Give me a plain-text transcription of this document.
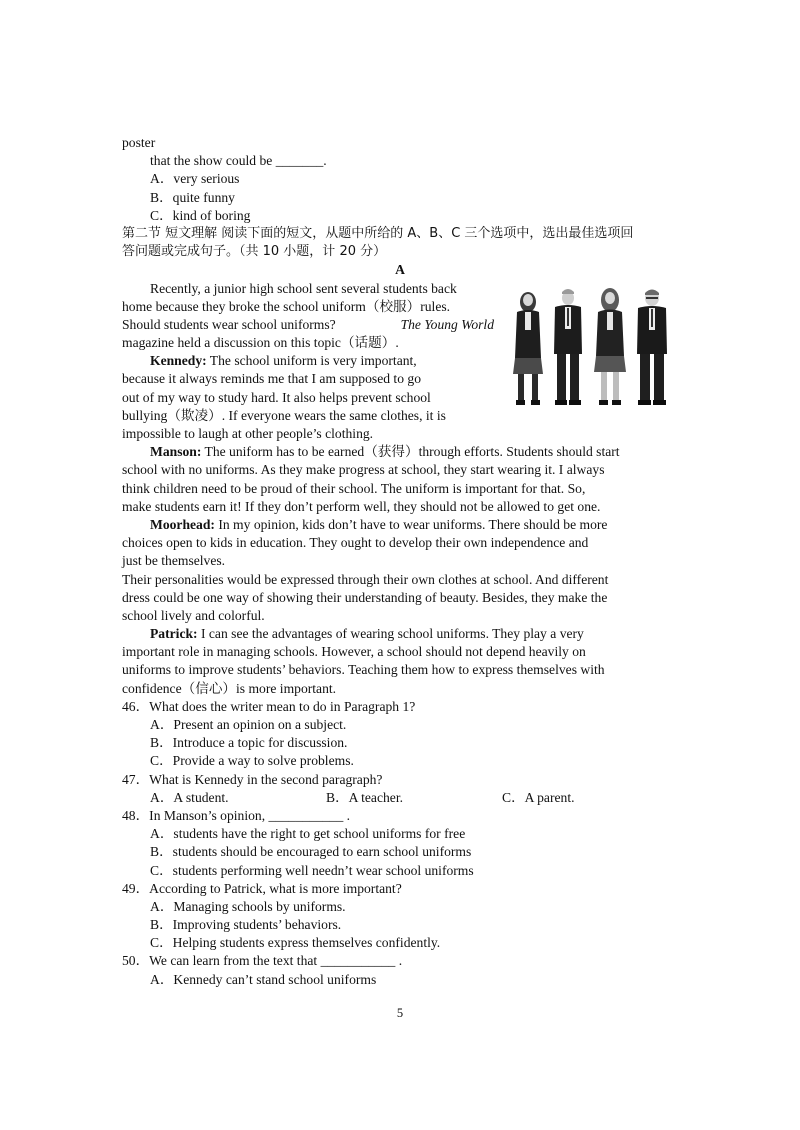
poster
that the show could be _______.
A．very serious
B．quite funny
C．kind of boring
第二节 短文理解 阅读下面的短文，从题中所给的 A、B、C 三个选项中，选出最佳选项回
答问题或完成句子。（共 10 小题，计 20 分）
A
Recently, a junior high school sent several students back
home because they broke the school uniform（校服）rules.
Should students wear school uniforms?	The Young World
magazine held a discussion on this topic（话题）.
Kennedy: The school uniform is very important,
because it always reminds me that I am supposed to go
out of my way to study hard. It also helps prevent school
bullying（欺凌）. If everyone wears the same clothes, it is
impossible to laugh at other people’s clothing.
Manson: The uniform has to be earned（获得）through efforts. Students should start
school with no uniforms. As they make progress at school, they start wearing it. I always
think children need to be proud of their school. The uniform is important for that. So,
make students earn it! If they don’t perform well, they should not be allowed to get one.
Moorhead: In my opinion, kids don’t have to wear uniforms. There should be more
choices open to kids in education. They ought to develop their own independence and
just be themselves.
Their personalities would be expressed through their own clothes at school. And different
dress could be one way of showing their understanding of beauty. Besides, they make the
school lively and colorful.
Patrick: I can see the advantages of wearing school uniforms. They play a very
important role in managing schools. However, a school should not depend heavily on
uniforms to improve students’ behaviors. Teaching them how to express themselves with
confidence（信心）is more important.
46．What does the writer mean to do in Paragraph 1?
A．Present an opinion on a subject.
B．Introduce a topic for discussion.
C．Provide a way to solve problems.
47．What is Kennedy in the second paragraph?
A．A student.	B．A teacher.	C．A parent.
48．In Manson’s opinion, ___________ .
A．students have the right to get school uniforms for free
B．students should be encouraged to earn school uniforms
C．students performing well needn’t wear school uniforms
49．According to Patrick, what is more important?
A．Managing schools by uniforms.
B．Improving students’ behaviors.
C．Helping students express themselves confidently.
50．We can learn from the text that ___________ .
A．Kennedy can’t stand school uniforms
5
